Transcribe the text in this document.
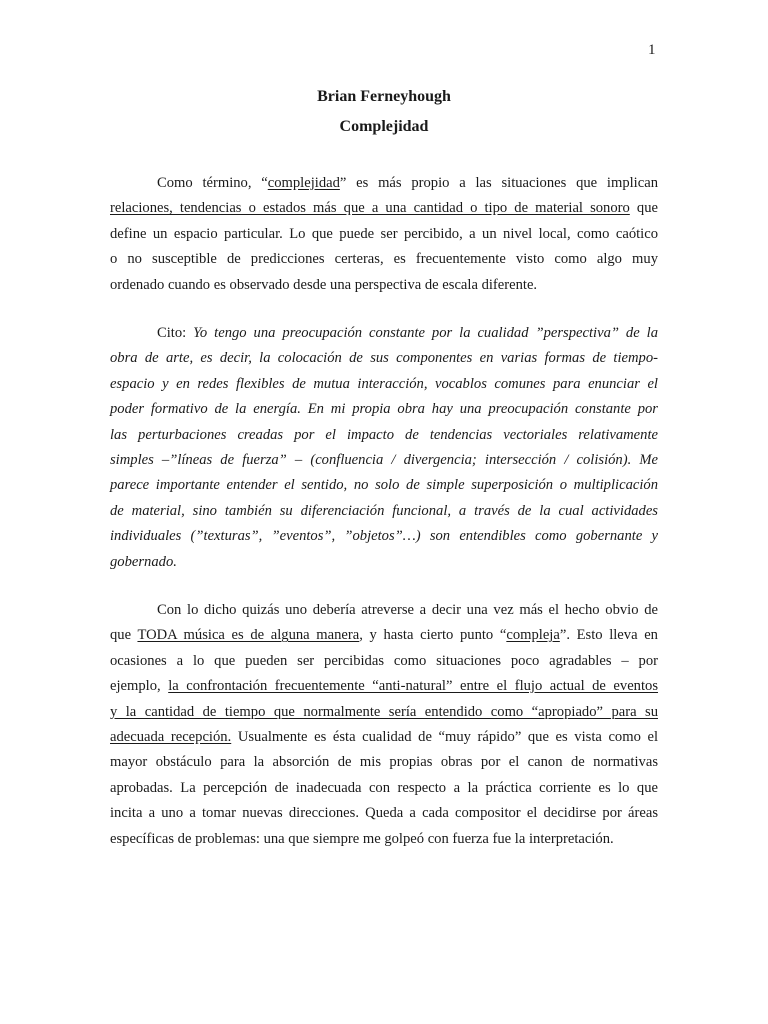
1
Brian Ferneyhough
Complejidad
Como término, “complejidad” es más propio a las situaciones que implican
relaciones, tendencias o estados más que a una cantidad o tipo de material sonoro que
define un espacio particular. Lo que puede ser percibido, a un nivel local, como caótico
o no susceptible de predicciones certeras, es frecuentemente visto como algo muy
ordenado cuando es observado desde una perspectiva de escala diferente.
Cito: Yo tengo una preocupación constante por la cualidad ”perspectiva” de la
obra de arte, es decir, la colocación de sus componentes en varias formas de tiempo-
espacio y en redes flexibles de mutua interacción, vocablos comunes para enunciar el
poder formativo de la energía. En mi propia obra hay una preocupación constante por
las perturbaciones creadas por el impacto de tendencias vectoriales relativamente
simples –”líneas de fuerza” – (confluencia / divergencia; intersección / colisión). Me
parece importante entender el sentido, no solo de simple superposición o multiplicación
de material, sino también su diferenciación funcional, a través de la cual actividades
individuales (”texturas”, ”eventos”, ”objetos”…) son entendibles como gobernante y
gobernado.
Con lo dicho quizás uno debería atreverse a decir una vez más el hecho obvio de
que TODA música es de alguna manera, y hasta cierto punto “compleja”. Esto lleva en
ocasiones a lo que pueden ser percibidas como situaciones poco agradables – por
ejemplo, la confrontación frecuentemente “anti-natural” entre el flujo actual de eventos
y la cantidad de tiempo que normalmente sería entendido como “apropiado” para su
adecuada recepción. Usualmente es ésta cualidad de “muy rápido” que es vista como el
mayor obstáculo para la absorción de mis propias obras por el canon de normativas
aprobadas. La percepción de inadecuada con respecto a la práctica corriente es lo que
incita a uno a tomar nuevas direcciones. Queda a cada compositor el decidirse por áreas
específicas de problemas: una que siempre me golpeó con fuerza fue la interpretación.
